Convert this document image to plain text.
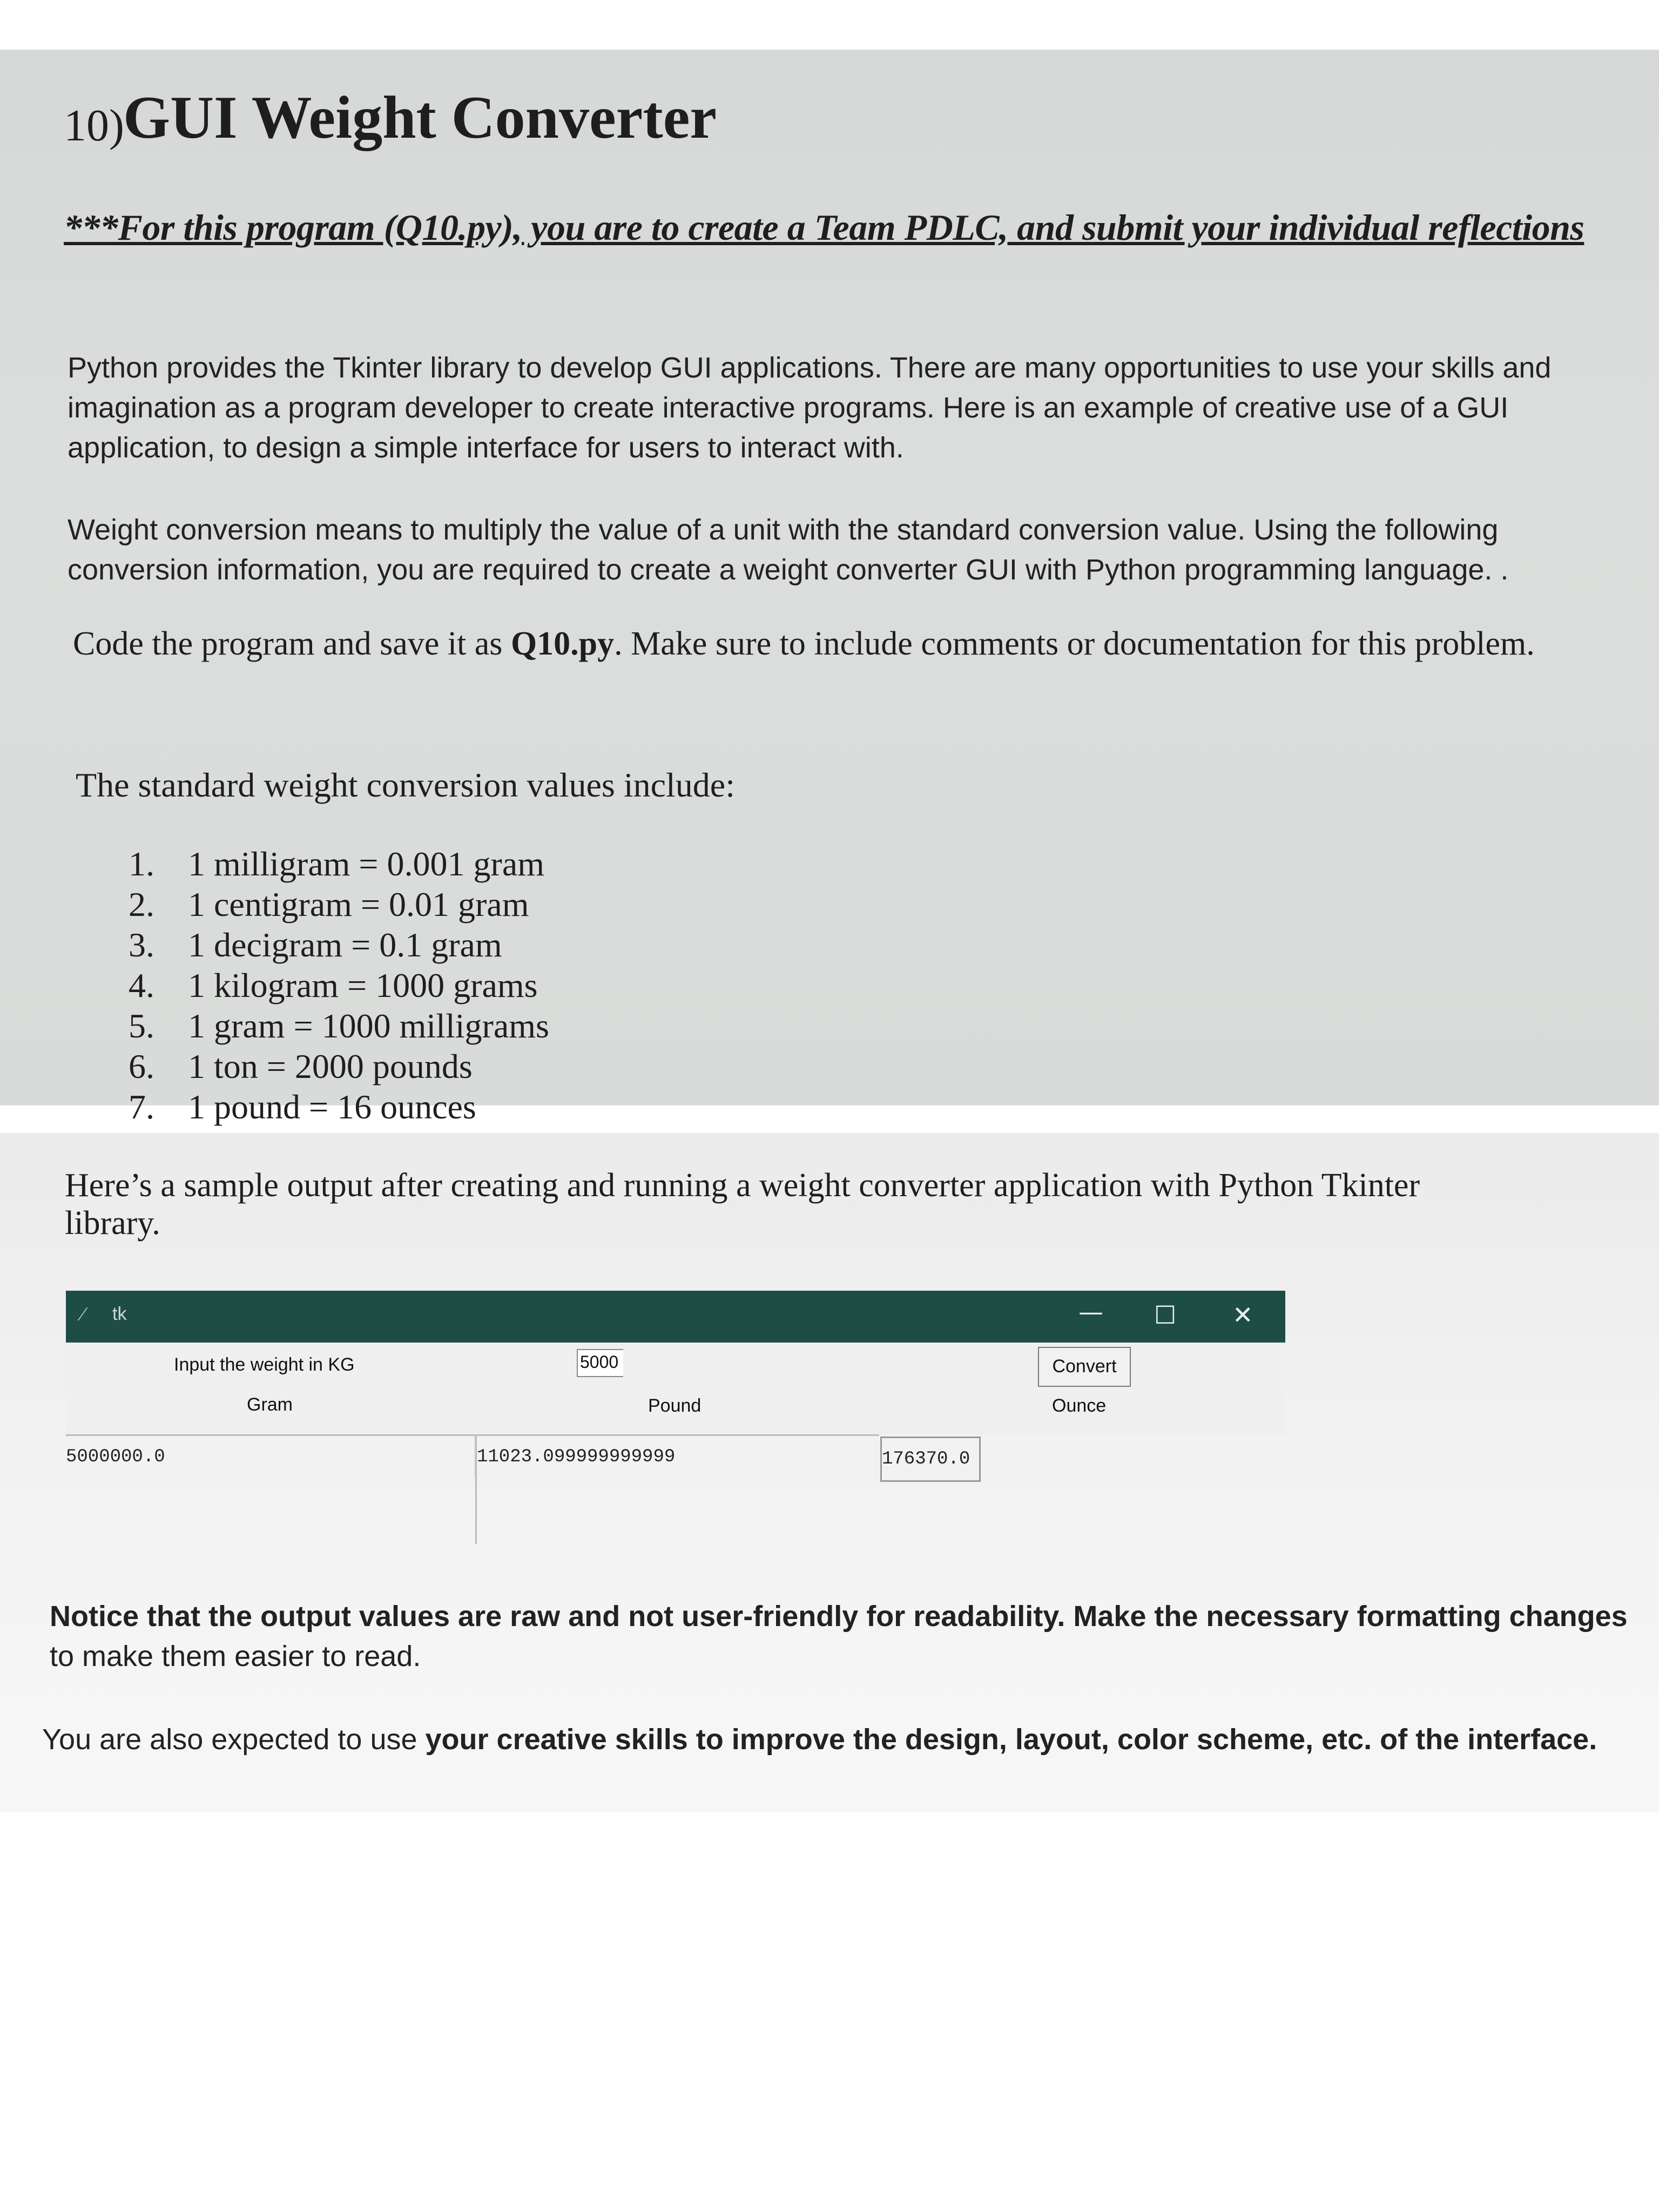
10)
GUI Weight Converter
***For this program (Q10.py), you are to create a Team PDLC, and submit your individual reflections
Python provides the Tkinter library to develop GUI applications. There are many opportunities to use your skills and imagination as a program developer to create interactive programs. Here is an example of creative use of a GUI application, to design a simple interface for users to interact with.
Weight conversion means to multiply the value of a unit with the standard conversion value. Using the following conversion information, you are required to create a weight converter GUI with Python programming language. .
Code the program and save it as Q10.py. Make sure to include comments or documentation for this problem.
The standard weight conversion values include:
1. 1 milligram = 0.001 gram
2. 1 centigram = 0.01 gram
3. 1 decigram = 0.1 gram
4. 1 kilogram = 1000 grams
5. 1 gram = 1000 milligrams
6. 1 ton = 2000 pounds
7. 1 pound = 16 ounces
Here’s a sample output after creating and running a weight converter application with Python Tkinter library.
∕ tk	— ☐ ✕
Input the weight in KG	5000	Convert
Gram	Pound	Ounce
5000000.0	11023.099999999999	176370.0
Notice that the output values are raw and not user-friendly for readability. Make the necessary formatting changes
to make them easier to read.
You are also expected to use your creative skills to improve the design, layout, color scheme, etc. of the interface.
